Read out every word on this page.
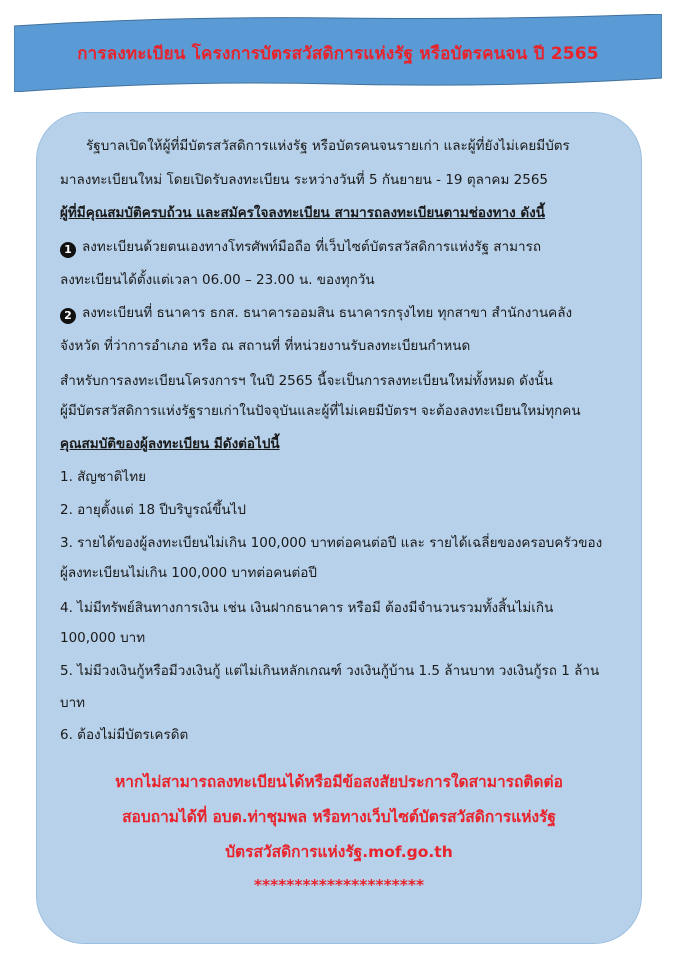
การลงทะเบียน โครงการบัตรสวัสดิการแห่งรัฐ หรือบัตรคนจน ปี 2565
รัฐบาลเปิดให้ผู้ที่มีบัตรสวัสดิการแห่งรัฐ หรือบัตรคนจนรายเก่า และผู้ที่ยังไม่เคยมีบัตร
มาลงทะเบียนใหม่ โดยเปิดรับลงทะเบียน ระหว่างวันที่ 5 กันยายน - 19 ตุลาคม 2565
ผู้ที่มีคุณสมบัติครบถ้วน และสมัครใจลงทะเบียน สามารถลงทะเบียนตามช่องทาง ดังนี้
1 ลงทะเบียนด้วยตนเองทางโทรศัพท์มือถือ ที่เว็บไซต์บัตรสวัสดิการแห่งรัฐ สามารถ
ลงทะเบียนได้ตั้งแต่เวลา 06.00 – 23.00 น. ของทุกวัน
2 ลงทะเบียนที่ ธนาคาร ธกส. ธนาคารออมสิน ธนาคารกรุงไทย ทุกสาขา สำนักงานคลัง
จังหวัด ที่ว่าการอำเภอ หรือ ณ สถานที่ ที่หน่วยงานรับลงทะเบียนกำหนด
สำหรับการลงทะเบียนโครงการฯ ในปี 2565 นี้จะเป็นการลงทะเบียนใหม่ทั้งหมด ดังนั้น
ผู้มีบัตรสวัสดิการแห่งรัฐรายเก่าในปัจจุบันและผู้ที่ไม่เคยมีบัตรฯ จะต้องลงทะเบียนใหม่ทุกคน
คุณสมบัติของผู้ลงทะเบียน มีดังต่อไปนี้
1. สัญชาติไทย
2. อายุตั้งแต่ 18 ปีบริบูรณ์ขึ้นไป
3. รายได้ของผู้ลงทะเบียนไม่เกิน 100,000 บาทต่อคนต่อปี และ รายได้เฉลี่ยของครอบครัวของ
ผู้ลงทะเบียนไม่เกิน 100,000 บาทต่อคนต่อปี
4. ไม่มีทรัพย์สินทางการเงิน เช่น เงินฝากธนาคาร หรือมี ต้องมีจำนวนรวมทั้งสิ้นไม่เกิน
100,000 บาท
5. ไม่มีวงเงินกู้หรือมีวงเงินกู้ แต่ไม่เกินหลักเกณฑ์ วงเงินกู้บ้าน 1.5 ล้านบาท วงเงินกู้รถ 1 ล้าน
บาท
6. ต้องไม่มีบัตรเครดิต
หากไม่สามารถลงทะเบียนได้หรือมีข้อสงสัยประการใดสามารถติดต่อ
สอบถามได้ที่ อบต.ท่าชุมพล หรือทางเว็บไซต์บัตรสวัสดิการแห่งรัฐ
บัตรสวัสดิการแห่งรัฐ.mof.go.th
*********************
